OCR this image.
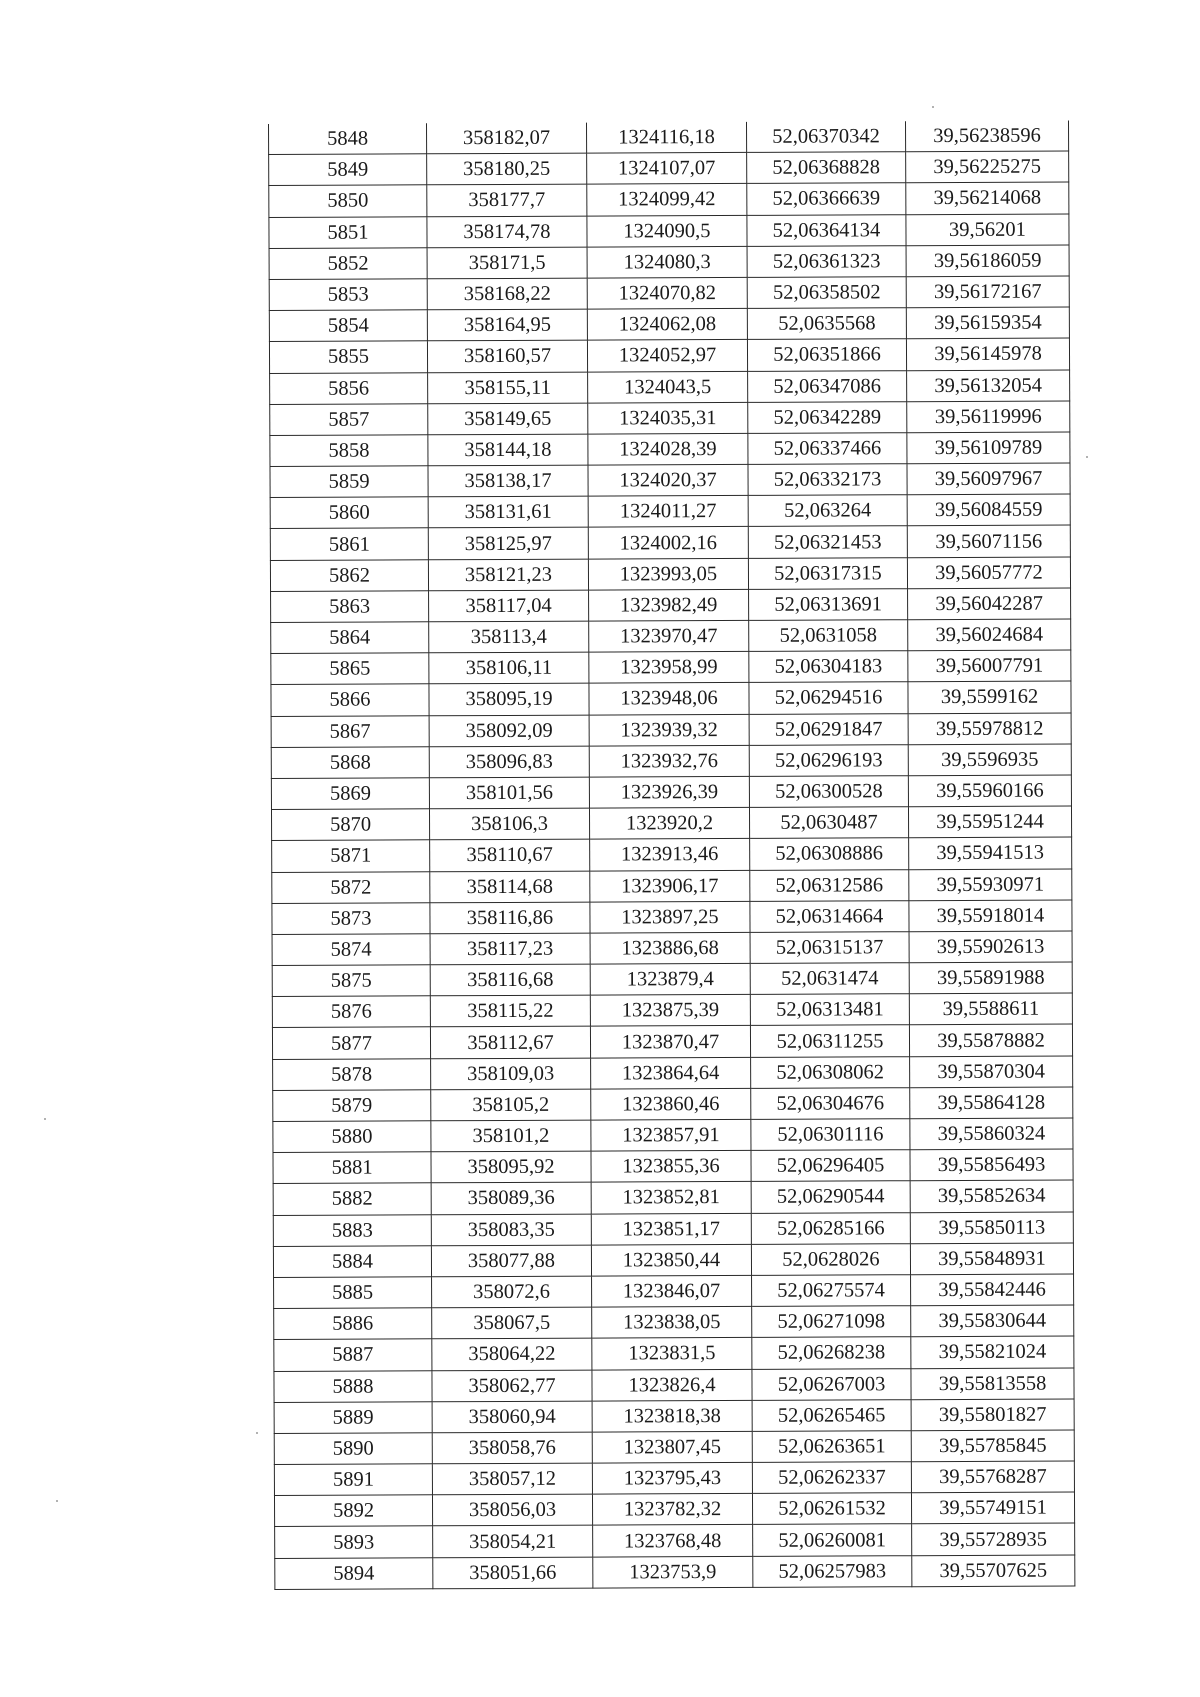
5848	358182,07	1324116,18	52,06370342	39,56238596
5849	358180,25	1324107,07	52,06368828	39,56225275
5850	358177,7	1324099,42	52,06366639	39,56214068
5851	358174,78	1324090,5	52,06364134	39,56201
5852	358171,5	1324080,3	52,06361323	39,56186059
5853	358168,22	1324070,82	52,06358502	39,56172167
5854	358164,95	1324062,08	52,0635568	39,56159354
5855	358160,57	1324052,97	52,06351866	39,56145978
5856	358155,11	1324043,5	52,06347086	39,56132054
5857	358149,65	1324035,31	52,06342289	39,56119996
5858	358144,18	1324028,39	52,06337466	39,56109789
5859	358138,17	1324020,37	52,06332173	39,56097967
5860	358131,61	1324011,27	52,063264	39,56084559
5861	358125,97	1324002,16	52,06321453	39,56071156
5862	358121,23	1323993,05	52,06317315	39,56057772
5863	358117,04	1323982,49	52,06313691	39,56042287
5864	358113,4	1323970,47	52,0631058	39,56024684
5865	358106,11	1323958,99	52,06304183	39,56007791
5866	358095,19	1323948,06	52,06294516	39,5599162
5867	358092,09	1323939,32	52,06291847	39,55978812
5868	358096,83	1323932,76	52,06296193	39,5596935
5869	358101,56	1323926,39	52,06300528	39,55960166
5870	358106,3	1323920,2	52,0630487	39,55951244
5871	358110,67	1323913,46	52,06308886	39,55941513
5872	358114,68	1323906,17	52,06312586	39,55930971
5873	358116,86	1323897,25	52,06314664	39,55918014
5874	358117,23	1323886,68	52,06315137	39,55902613
5875	358116,68	1323879,4	52,0631474	39,55891988
5876	358115,22	1323875,39	52,06313481	39,5588611
5877	358112,67	1323870,47	52,06311255	39,55878882
5878	358109,03	1323864,64	52,06308062	39,55870304
5879	358105,2	1323860,46	52,06304676	39,55864128
5880	358101,2	1323857,91	52,06301116	39,55860324
5881	358095,92	1323855,36	52,06296405	39,55856493
5882	358089,36	1323852,81	52,06290544	39,55852634
5883	358083,35	1323851,17	52,06285166	39,55850113
5884	358077,88	1323850,44	52,0628026	39,55848931
5885	358072,6	1323846,07	52,06275574	39,55842446
5886	358067,5	1323838,05	52,06271098	39,55830644
5887	358064,22	1323831,5	52,06268238	39,55821024
5888	358062,77	1323826,4	52,06267003	39,55813558
5889	358060,94	1323818,38	52,06265465	39,55801827
5890	358058,76	1323807,45	52,06263651	39,55785845
5891	358057,12	1323795,43	52,06262337	39,55768287
5892	358056,03	1323782,32	52,06261532	39,55749151
5893	358054,21	1323768,48	52,06260081	39,55728935
5894	358051,66	1323753,9	52,06257983	39,55707625
